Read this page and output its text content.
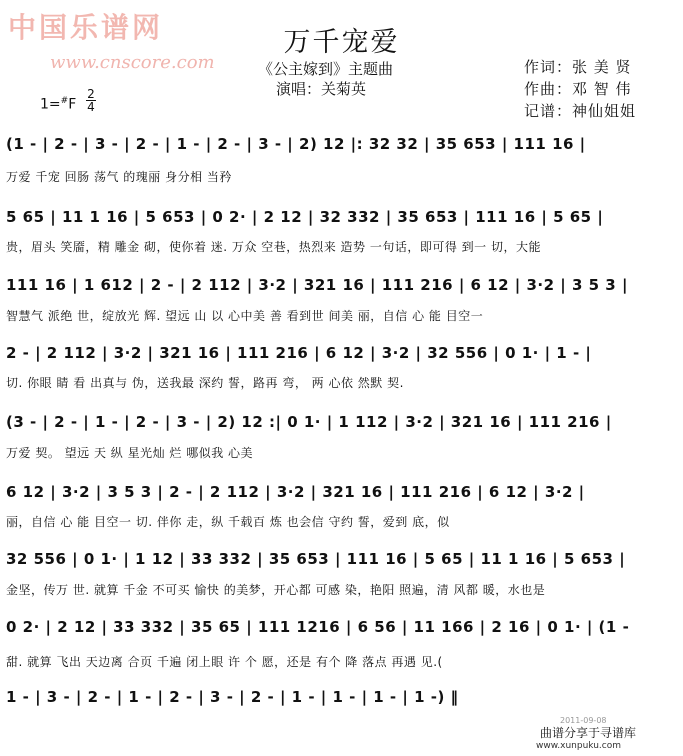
中国乐谱网
www.cnscore.com
万千宠爱
《公主嫁到》主题曲
演唱：关菊英
作词：张 美 贤
作曲：邓 智 伟
记谱：神仙姐姐
1=#F
2
4
(1 - | 2 - | 3 - | 2 - | 1 - | 2 - | 3 - | 2) 12 |: 32 32 | 35 653 | 111 16 |
万爱 千宠 回肠 荡气 的瑰丽 身分相 当矜
5 65 | 11 1 16 | 5 653 | 0 2· | 2 12 | 32 332 | 35 653 | 111 16 | 5 65 |
贵，眉头 笑靥，精 雕金 砌，使你着 迷. 万众 空巷，热烈来 造势 一句话，即可得 到一 切，大能
111 16 | 1 612 | 2 - | 2 112 | 3·2 | 321 16 | 111 216 | 6 12 | 3·2 | 3 5 3 |
智慧气 派绝 世，绽放光 辉. 望远 山 以 心中美 善 看到世 间美 丽，自信 心 能 目空一
2 - | 2 112 | 3·2 | 321 16 | 111 216 | 6 12 | 3·2 | 32 556 | 0 1· | 1 - |
切. 你眼 睛 看 出真与 伪，送我最 深约 誓，路再 弯， 两 心依 然默 契.
(3 - | 2 - | 1 - | 2 - | 3 - | 2) 12 :| 0 1· | 1 112 | 3·2 | 321 16 | 111 216 |
万爱 契。 望远 天 纵 星光灿 烂 哪似我 心美
6 12 | 3·2 | 3 5 3 | 2 - | 2 112 | 3·2 | 321 16 | 111 216 | 6 12 | 3·2 |
丽，自信 心 能 目空一 切. 伴你 走，纵 千载百 炼 也会信 守约 誓，爱到 底，似
32 556 | 0 1· | 1 12 | 33 332 | 35 653 | 111 16 | 5 65 | 11 1 16 | 5 653 |
金坚，传万 世. 就算 千金 不可买 愉快 的美梦，开心都 可感 染，艳阳 照遍，清 风都 暖，水也是
0 2· | 2 12 | 33 332 | 35 65 | 111 1216 | 6 56 | 11 166 | 2 16 | 0 1· | (1 -
甜. 就算 飞出 天边离 合页 千遍 闭上眼 许 个 愿，还是 有个 降 落点 再遇 见.(
1 - | 3 - | 2 - | 1 - | 2 - | 3 - | 2 - | 1 - | 1 - | 1 - | 1 -) ‖
2011-09-08
曲谱分享于寻谱库
www.xunpuku.com
